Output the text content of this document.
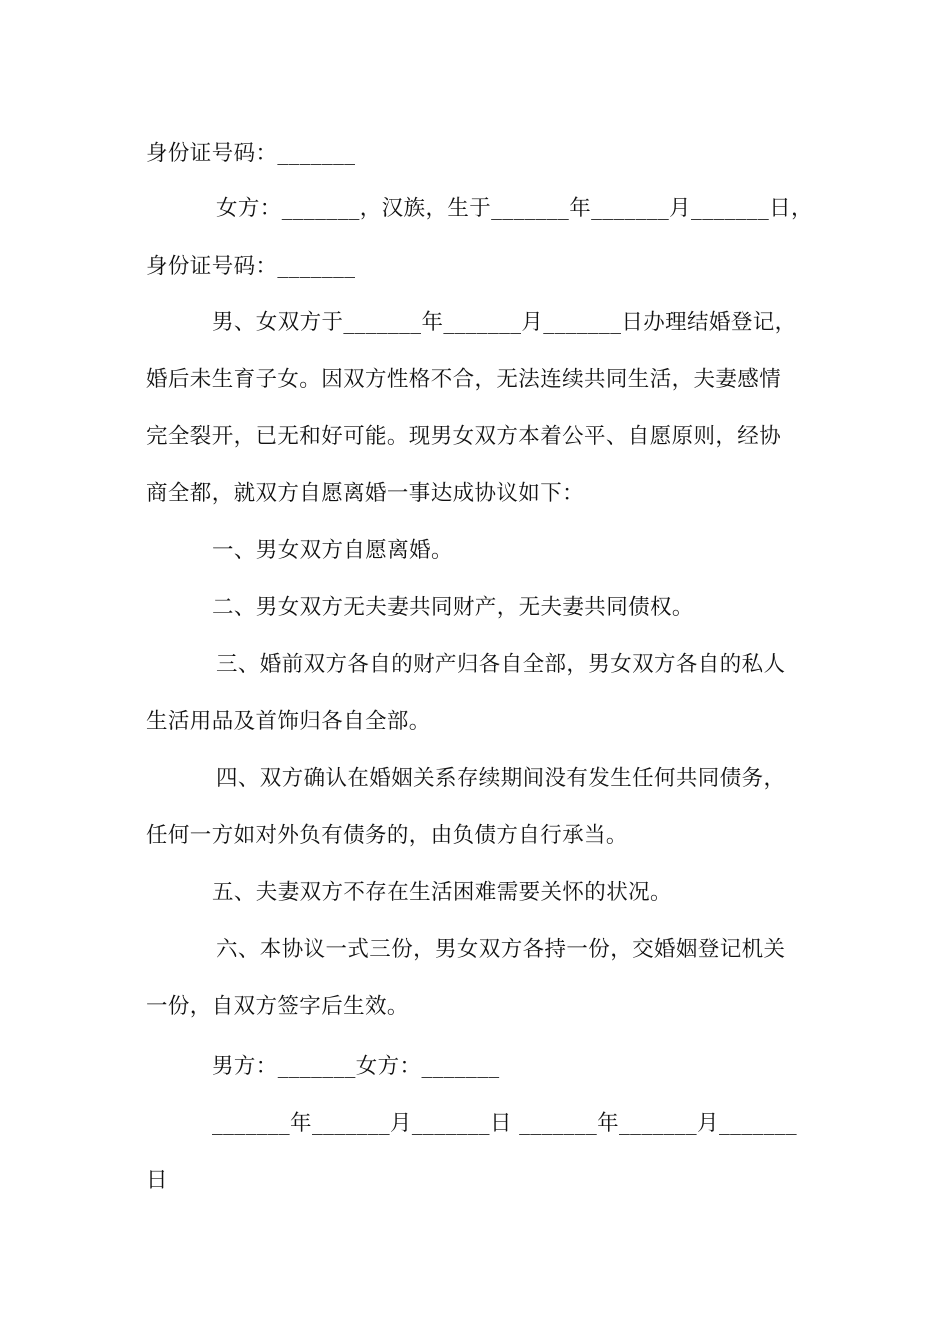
身份证号码：_______
女方：_______，汉族，生于_______年_______月_______日，
身份证号码：_______
男、女双方于_______年_______月_______日办理结婚登记，
婚后未生育子女。因双方性格不合，无法连续共同生活，夫妻感情
完全裂开，已无和好可能。现男女双方本着公平、自愿原则，经协
商全都，就双方自愿离婚一事达成协议如下：
一、男女双方自愿离婚。
二、男女双方无夫妻共同财产，无夫妻共同债权。
三、婚前双方各自的财产归各自全部，男女双方各自的私人
生活用品及首饰归各自全部。
四、双方确认在婚姻关系存续期间没有发生任何共同债务，
任何一方如对外负有债务的，由负债方自行承当。
五、夫妻双方不存在生活困难需要关怀的状况。
六、本协议一式三份，男女双方各持一份，交婚姻登记机关
一份，自双方签字后生效。
男方：_______女方：_______
_______年_______月_______日 _______年_______月_______
日
